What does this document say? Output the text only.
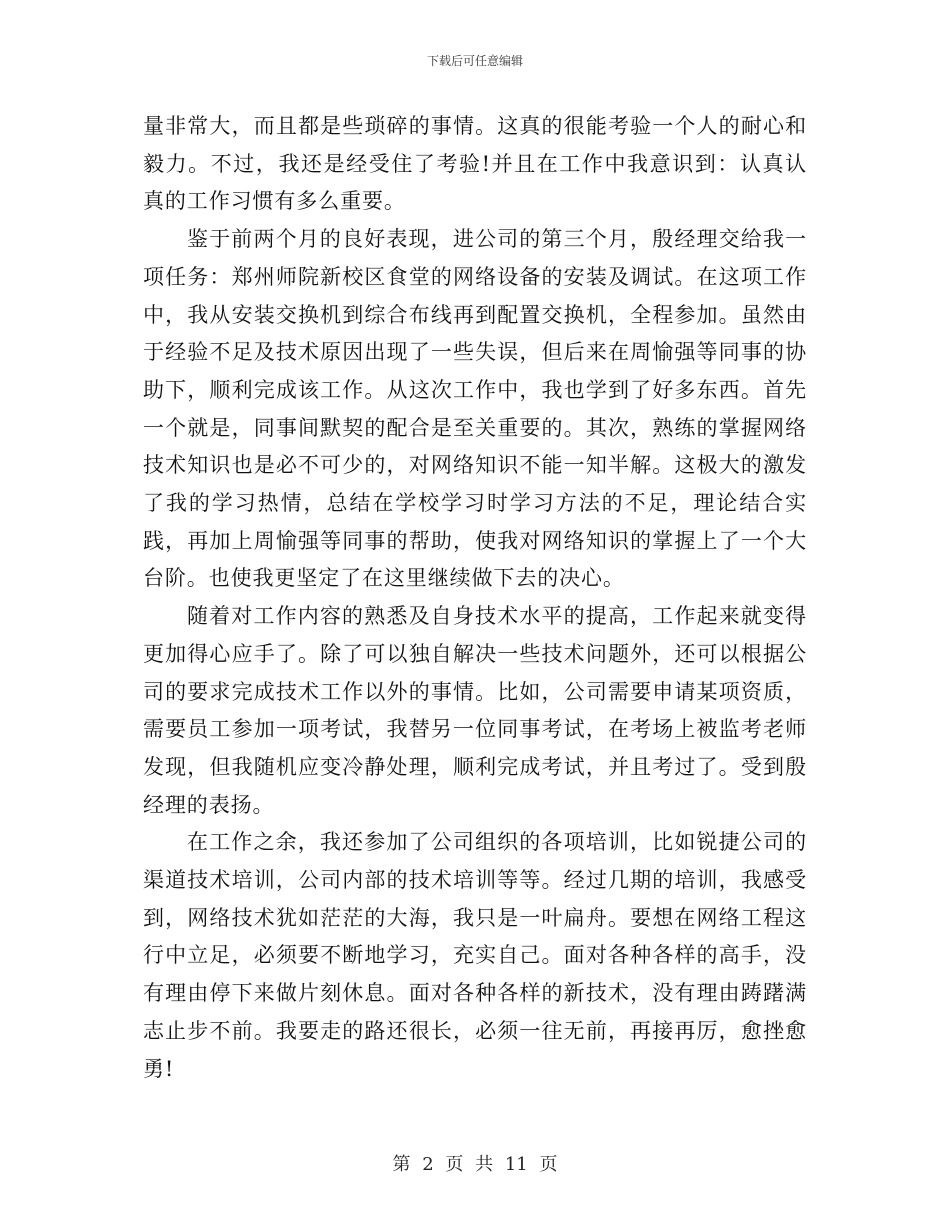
下载后可任意编辑

量非常大，而且都是些琐碎的事情。这真的很能考验一个人的耐心和毅力。不过，我还是经受住了考验!并且在工作中我意识到：认真认真的工作习惯有多么重要。

鉴于前两个月的良好表现，进公司的第三个月，殷经理交给我一项任务：郑州师院新校区食堂的网络设备的安装及调试。在这项工作中，我从安装交换机到综合布线再到配置交换机，全程参加。虽然由于经验不足及技术原因出现了一些失误，但后来在周愉强等同事的协助下，顺利完成该工作。从这次工作中，我也学到了好多东西。首先一个就是，同事间默契的配合是至关重要的。其次，熟练的掌握网络技术知识也是必不可少的，对网络知识不能一知半解。这极大的激发了我的学习热情，总结在学校学习时学习方法的不足，理论结合实践，再加上周愉强等同事的帮助，使我对网络知识的掌握上了一个大台阶。也使我更坚定了在这里继续做下去的决心。

随着对工作内容的熟悉及自身技术水平的提高，工作起来就变得更加得心应手了。除了可以独自解决一些技术问题外，还可以根据公司的要求完成技术工作以外的事情。比如，公司需要申请某项资质，需要员工参加一项考试，我替另一位同事考试，在考场上被监考老师发现，但我随机应变冷静处理，顺利完成考试，并且考过了。受到殷经理的表扬。

在工作之余，我还参加了公司组织的各项培训，比如锐捷公司的渠道技术培训，公司内部的技术培训等等。经过几期的培训，我感受到，网络技术犹如茫茫的大海，我只是一叶扁舟。要想在网络工程这行中立足，必须要不断地学习，充实自己。面对各种各样的高手，没有理由停下来做片刻休息。面对各种各样的新技术，没有理由踌躇满志止步不前。我要走的路还很长，必须一往无前，再接再厉，愈挫愈勇!

第 2 页 共 11 页
